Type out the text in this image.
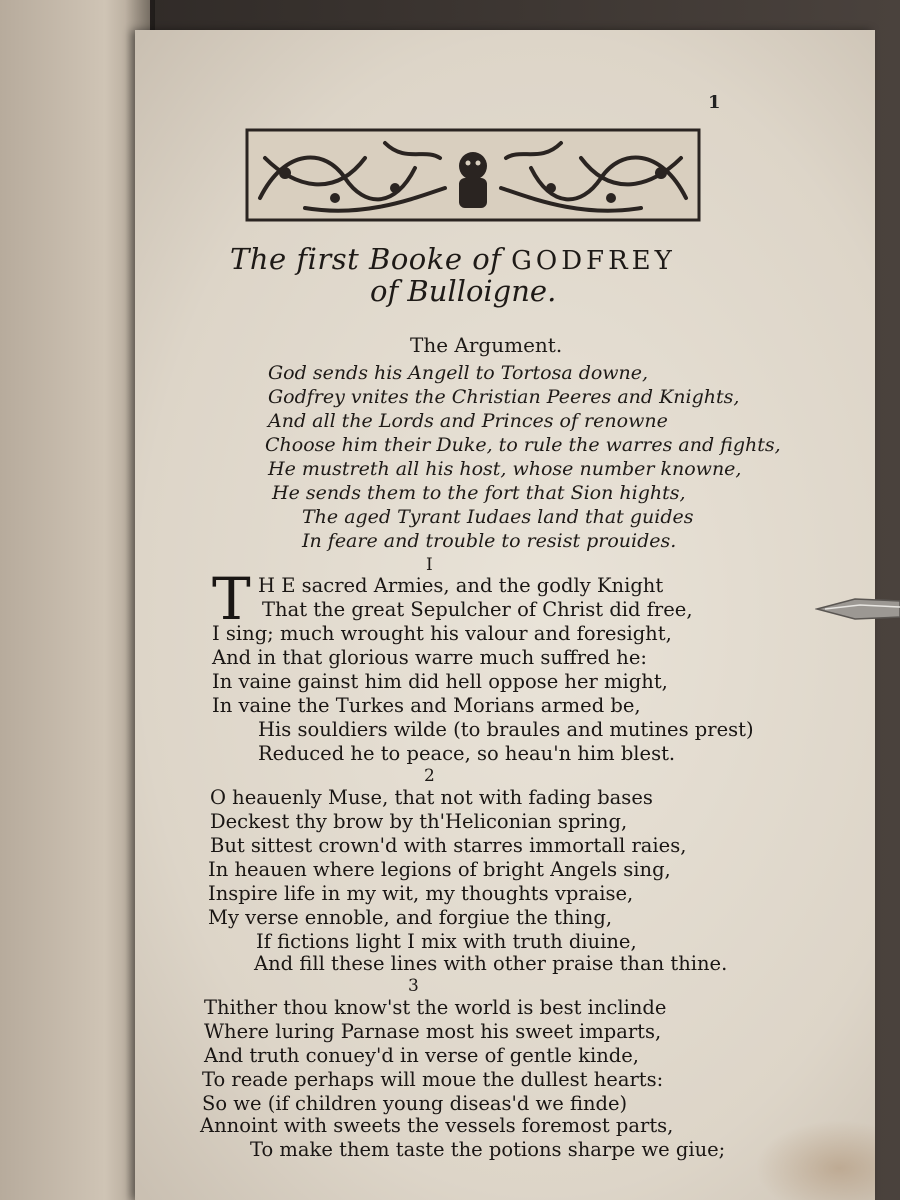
1
The first Booke of GODFREY
of Bulloigne.
The Argument.
God sends his Angell to Tortosa downe,
Godfrey vnites the Christian Peeres and Knights,
And all the Lords and Princes of renowne
Choose him their Duke, to rule the warres and fights,
He mustreth all his host, whose number knowne,
He sends them to the fort that Sion hights,
The aged Tyrant Iudaes land that guides
In feare and trouble to resist prouides.
I
T H E sacred Armies, and the godly Knight
That the great Sepulcher of Christ did free,
I sing; much wrought his valour and foresight,
And in that glorious warre much suffred he:
In vaine gainst him did hell oppose her might,
In vaine the Turkes and Morians armed be,
His souldiers wilde (to braules and mutines prest)
Reduced he to peace, so heau'n him blest.
2
O heauenly Muse, that not with fading bases
Deckest thy brow by th'Heliconian spring,
But sittest crown'd with starres immortall raies,
In heauen where legions of bright Angels sing,
Inspire life in my wit, my thoughts vpraise,
My verse ennoble, and forgiue the thing,
If fictions light I mix with truth diuine,
And fill these lines with other praise than thine.
3
Thither thou know'st the world is best inclinde
Where luring Parnase most his sweet imparts,
And truth conuey'd in verse of gentle kinde,
To reade perhaps will moue the dullest hearts:
So we (if children young diseas'd we finde)
Annoint with sweets the vessels foremost parts,
To make them taste the potions sharpe we giue;
